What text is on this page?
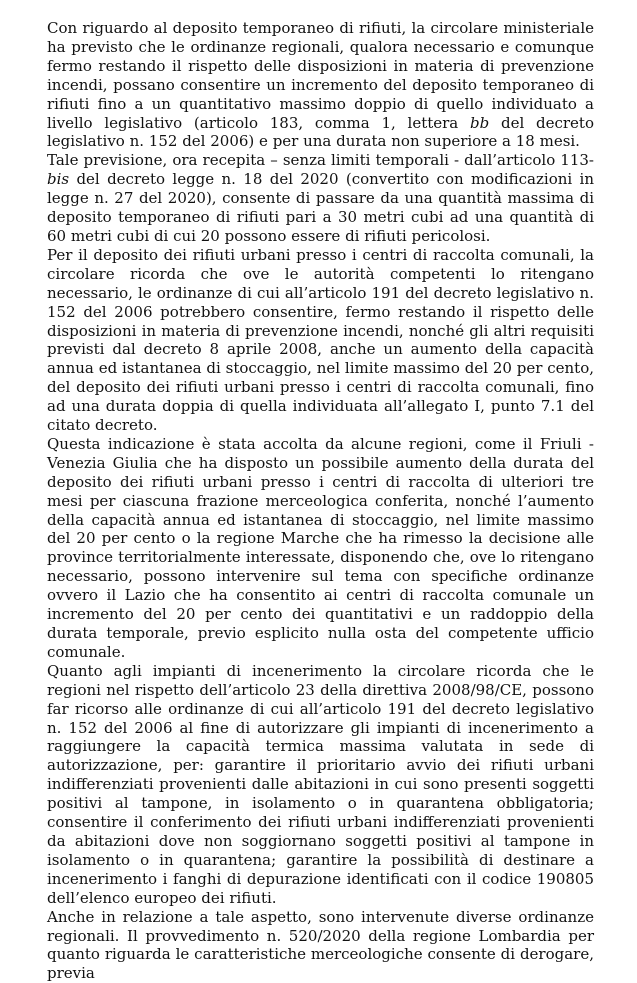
Con riguardo al deposito temporaneo di rifiuti, la circolare ministeriale ha previsto che le ordinanze regionali, qualora necessario e comunque fermo restando il rispetto delle disposizioni in materia di prevenzione incendi, possano consentire un incremento del deposito temporaneo di rifiuti fino a un quantitativo massimo doppio di quello individuato a livello legislativo (articolo 183, comma 1, lettera bb del decreto legislativo n. 152 del 2006) e per una durata non superiore a 18 mesi.

Tale previsione, ora recepita – senza limiti temporali - dall’articolo 113-bis del decreto legge n. 18 del 2020 (convertito con modificazioni in legge n. 27 del 2020), consente di passare da una quantità massima di deposito temporaneo di rifiuti pari a 30 metri cubi ad una quantità di 60 metri cubi di cui 20 possono essere di rifiuti pericolosi.

Per il deposito dei rifiuti urbani presso i centri di raccolta comunali, la circolare ricorda che ove le autorità competenti lo ritengano necessario, le ordinanze di cui all’articolo 191 del decreto legislativo n. 152 del 2006 potrebbero consentire, fermo restando il rispetto delle disposizioni in materia di prevenzione incendi, nonché gli altri requisiti previsti dal decreto 8 aprile 2008, anche un aumento della capacità annua ed istantanea di stoccaggio, nel limite massimo del 20 per cento, del deposito dei rifiuti urbani presso i centri di raccolta comunali, fino ad una durata doppia di quella individuata all’allegato I, punto 7.1 del citato decreto.

Questa indicazione è stata accolta da alcune regioni, come il Friuli - Venezia Giulia che ha disposto un possibile aumento della durata del deposito dei rifiuti urbani presso i centri di raccolta di ulteriori tre mesi per ciascuna frazione merceologica conferita, nonché l’aumento della capacità annua ed istantanea di stoccaggio, nel limite massimo del 20 per cento o la regione Marche che ha rimesso la decisione alle province territorialmente interessate, disponendo che, ove lo ritengano necessario, possono intervenire sul tema con specifiche ordinanze ovvero il Lazio che ha consentito ai centri di raccolta comunale un incremento del 20 per cento dei quantitativi e un raddoppio della durata temporale, previo esplicito nulla osta del competente ufficio comunale.

Quanto agli impianti di incenerimento la circolare ricorda che le regioni nel rispetto dell’articolo 23 della direttiva 2008/98/CE, possono far ricorso alle ordinanze di cui all’articolo 191 del decreto legislativo n. 152 del 2006 al fine di autorizzare gli impianti di incenerimento a raggiungere la capacità termica massima valutata in sede di autorizzazione, per: garantire il prioritario avvio dei rifiuti urbani indifferenziati provenienti dalle abitazioni in cui sono presenti soggetti positivi al tampone, in isolamento o in quarantena obbligatoria; consentire il conferimento dei rifiuti urbani indifferenziati provenienti da abitazioni dove non soggiornano soggetti positivi al tampone in isolamento o in quarantena; garantire la possibilità di destinare a incenerimento i fanghi di depurazione identificati con il codice 190805 dell’elenco europeo dei rifiuti.

Anche in relazione a tale aspetto, sono intervenute diverse ordinanze regionali. Il provvedimento n. 520/2020 della regione Lombardia per quanto riguarda le caratteristiche merceologiche consente di derogare, previa
